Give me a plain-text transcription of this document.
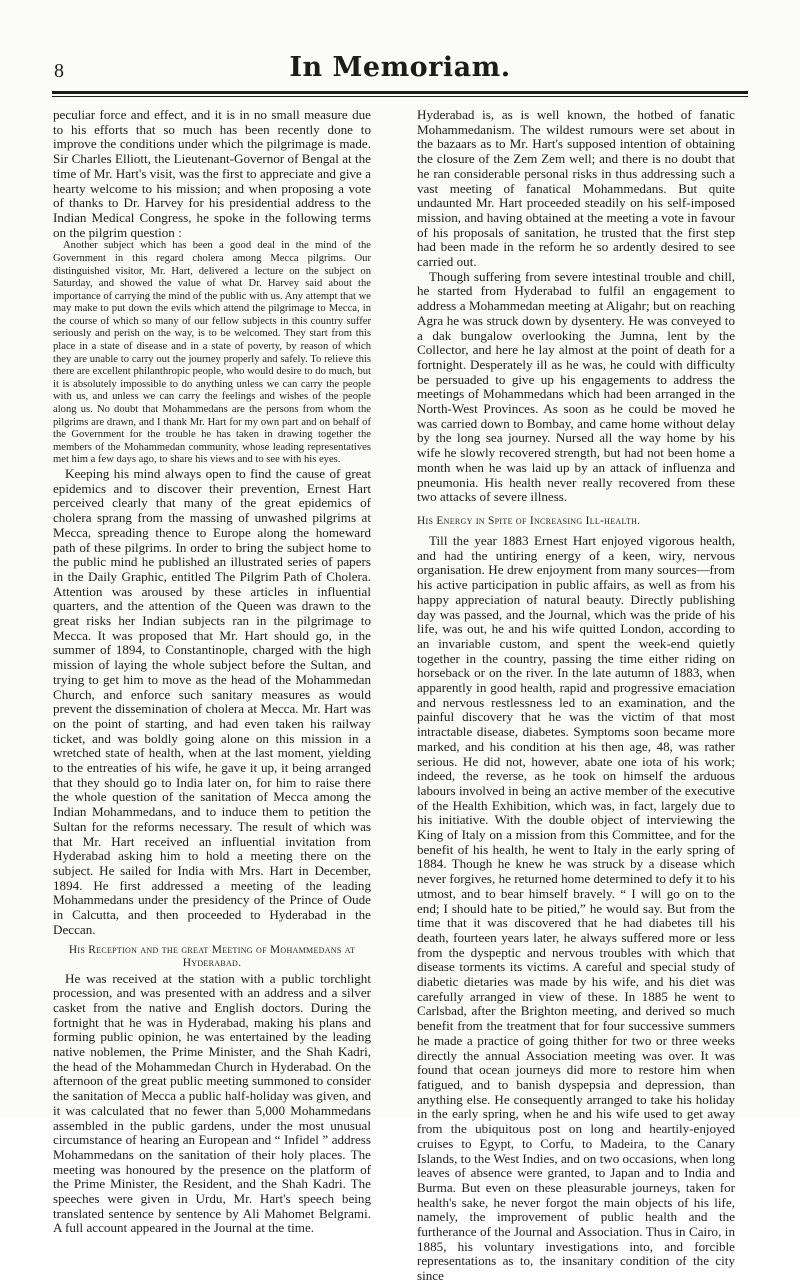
8	In Memoriam.

peculiar force and effect, and it is in no small measure due to his efforts that so much has been recently done to improve the conditions under which the pilgrimage is made. Sir Charles Elliott, the Lieutenant-Governor of Bengal at the time of Mr. Hart's visit, was the first to appreciate and give a hearty welcome to his mission; and when proposing a vote of thanks to Dr. Harvey for his presidential address to the Indian Medical Congress, he spoke in the following terms on the pilgrim question :

Another subject which has been a good deal in the mind of the Government in this regard cholera among Mecca pilgrims. Our distinguished visitor, Mr. Hart, delivered a lecture on the subject on Saturday, and showed the value of what Dr. Harvey said about the importance of carrying the mind of the public with us. Any attempt that we may make to put down the evils which attend the pilgrimage to Mecca, in the course of which so many of our fellow subjects in this country suffer seriously and perish on the way, is to be welcomed. They start from this place in a state of disease and in a state of poverty, by reason of which they are unable to carry out the journey properly and safely. To relieve this there are excellent philanthropic people, who would desire to do much, but it is absolutely impossible to do anything unless we can carry the people with us, and unless we can carry the feelings and wishes of the people along us. No doubt that Mohammedans are the persons from whom the pilgrims are drawn, and I thank Mr. Hart for my own part and on behalf of the Government for the trouble he has taken in drawing together the members of the Mohammedan community, whose leading representatives met him a few days ago, to share his views and to see with his eyes.

Keeping his mind always open to find the cause of great epidemics and to discover their prevention, Ernest Hart perceived clearly that many of the great epidemics of cholera sprang from the massing of unwashed pilgrims at Mecca, spreading thence to Europe along the homeward path of these pilgrims. In order to bring the subject home to the public mind he published an illustrated series of papers in the Daily Graphic, entitled The Pilgrim Path of Cholera. Attention was aroused by these articles in influential quarters, and the attention of the Queen was drawn to the great risks her Indian subjects ran in the pilgrimage to Mecca. It was proposed that Mr. Hart should go, in the summer of 1894, to Constantinople, charged with the high mission of laying the whole subject before the Sultan, and trying to get him to move as the head of the Mohammedan Church, and enforce such sanitary measures as would prevent the dissemination of cholera at Mecca. Mr. Hart was on the point of starting, and had even taken his railway ticket, and was boldly going alone on this mission in a wretched state of health, when at the last moment, yielding to the entreaties of his wife, he gave it up, it being arranged that they should go to India later on, for him to raise there the whole question of the sanitation of Mecca among the Indian Mohammedans, and to induce them to petition the Sultan for the reforms necessary. The result of which was that Mr. Hart received an influential invitation from Hyderabad asking him to hold a meeting there on the subject. He sailed for India with Mrs. Hart in December, 1894. He first addressed a meeting of the leading Mohammedans under the presidency of the Prince of Oude in Calcutta, and then proceeded to Hyderabad in the Deccan.

His Reception and the great Meeting of Mohammedans at Hyderabad.

He was received at the station with a public torchlight procession, and was presented with an address and a silver casket from the native and English doctors. During the fortnight that he was in Hyderabad, making his plans and forming public opinion, he was entertained by the leading native noblemen, the Prime Minister, and the Shah Kadri, the head of the Mohammedan Church in Hyderabad. On the afternoon of the great public meeting summoned to consider the sanitation of Mecca a public half-holiday was given, and it was calculated that no fewer than 5,000 Mohammedans assembled in the public gardens, under the most unusual circumstance of hearing an European and “ Infidel ” address Mohammedans on the sanitation of their holy places. The meeting was honoured by the presence on the platform of the Prime Minister, the Resident, and the Shah Kadri. The speeches were given in Urdu, Mr. Hart's speech being translated sentence by sentence by Ali Mahomet Belgrami. A full account appeared in the Journal at the time.

Hyderabad is, as is well known, the hotbed of fanatic Mohammedanism. The wildest rumours were set about in the bazaars as to Mr. Hart's supposed intention of obtaining the closure of the Zem Zem well; and there is no doubt that he ran considerable personal risks in thus addressing such a vast meeting of fanatical Mohammedans. But quite undaunted Mr. Hart proceeded steadily on his self-imposed mission, and having obtained at the meeting a vote in favour of his proposals of sanitation, he trusted that the first step had been made in the reform he so ardently desired to see carried out.

Though suffering from severe intestinal trouble and chill, he started from Hyderabad to fulfil an engagement to address a Mohammedan meeting at Aligahr; but on reaching Agra he was struck down by dysentery. He was conveyed to a dak bungalow overlooking the Jumna, lent by the Collector, and here he lay almost at the point of death for a fortnight. Desperately ill as he was, he could with difficulty be persuaded to give up his engagements to address the meetings of Mohammedans which had been arranged in the North-West Provinces. As soon as he could be moved he was carried down to Bombay, and came home without delay by the long sea journey. Nursed all the way home by his wife he slowly recovered strength, but had not been home a month when he was laid up by an attack of influenza and pneumonia. His health never really recovered from these two attacks of severe illness.

His Energy in Spite of Increasing Ill-health.

Till the year 1883 Ernest Hart enjoyed vigorous health, and had the untiring energy of a keen, wiry, nervous organisation. He drew enjoyment from many sources—from his active participation in public affairs, as well as from his happy appreciation of natural beauty. Directly publishing day was passed, and the Journal, which was the pride of his life, was out, he and his wife quitted London, according to an invariable custom, and spent the week-end quietly together in the country, passing the time either riding on horseback or on the river. In the late autumn of 1883, when apparently in good health, rapid and progressive emaciation and nervous restlessness led to an examination, and the painful discovery that he was the victim of that most intractable disease, diabetes. Symptoms soon became more marked, and his condition at his then age, 48, was rather serious. He did not, however, abate one iota of his work; indeed, the reverse, as he took on himself the arduous labours involved in being an active member of the executive of the Health Exhibition, which was, in fact, largely due to his initiative. With the double object of interviewing the King of Italy on a mission from this Committee, and for the benefit of his health, he went to Italy in the early spring of 1884. Though he knew he was struck by a disease which never forgives, he returned home determined to defy it to his utmost, and to bear himself bravely. “ I will go on to the end; I should hate to be pitied,” he would say. But from the time that it was discovered that he had diabetes till his death, fourteen years later, he always suffered more or less from the dyspeptic and nervous troubles with which that disease torments its victims. A careful and special study of diabetic dietaries was made by his wife, and his diet was carefully arranged in view of these. In 1885 he went to Carlsbad, after the Brighton meeting, and derived so much benefit from the treatment that for four successive summers he made a practice of going thither for two or three weeks directly the annual Association meeting was over. It was found that ocean journeys did more to restore him when fatigued, and to banish dyspepsia and depression, than anything else. He consequently arranged to take his holiday in the early spring, when he and his wife used to get away from the ubiquitous post on long and heartily-enjoyed cruises to Egypt, to Corfu, to Madeira, to the Canary Islands, to the West Indies, and on two occasions, when long leaves of absence were granted, to Japan and to India and Burma. But even on these pleasurable journeys, taken for health's sake, he never forgot the main objects of his life, namely, the improvement of public health and the furtherance of the Journal and Association. Thus in Cairo, in 1885, his voluntary investigations into, and forcible representations as to, the insanitary condition of the city since
